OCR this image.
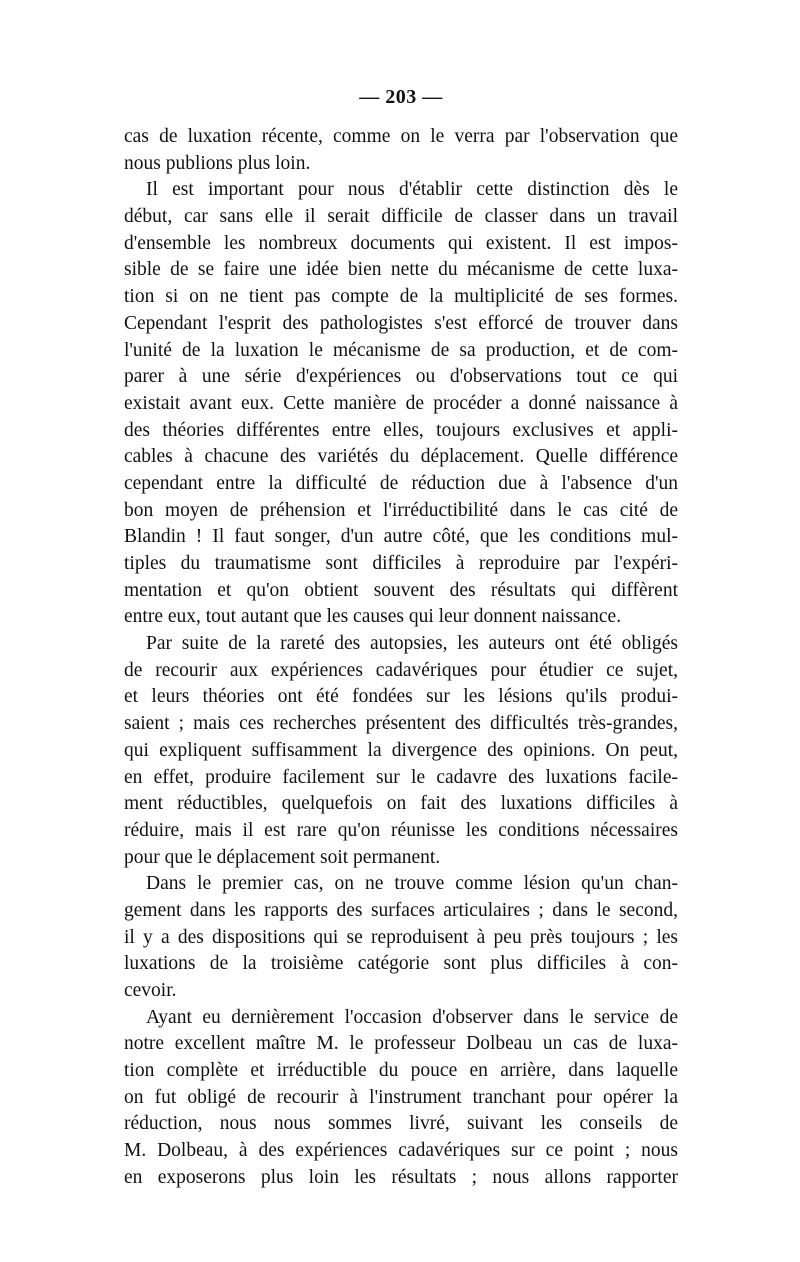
— 203 —
cas de luxation récente, comme on le verra par l'observation que
nous publions plus loin.
Il est important pour nous d'établir cette distinction dès le
début, car sans elle il serait difficile de classer dans un travail
d'ensemble les nombreux documents qui existent. Il est impos-
sible de se faire une idée bien nette du mécanisme de cette luxa-
tion si on ne tient pas compte de la multiplicité de ses formes.
Cependant l'esprit des pathologistes s'est efforcé de trouver dans
l'unité de la luxation le mécanisme de sa production, et de com-
parer à une série d'expériences ou d'observations tout ce qui
existait avant eux. Cette manière de procéder a donné naissance à
des théories différentes entre elles, toujours exclusives et appli-
cables à chacune des variétés du déplacement. Quelle différence
cependant entre la difficulté de réduction due à l'absence d'un
bon moyen de préhension et l'irréductibilité dans le cas cité de
Blandin ! Il faut songer, d'un autre côté, que les conditions mul-
tiples du traumatisme sont difficiles à reproduire par l'expéri-
mentation et qu'on obtient souvent des résultats qui diffèrent
entre eux, tout autant que les causes qui leur donnent naissance.
Par suite de la rareté des autopsies, les auteurs ont été obligés
de recourir aux expériences cadavériques pour étudier ce sujet,
et leurs théories ont été fondées sur les lésions qu'ils produi-
saient ; mais ces recherches présentent des difficultés très-grandes,
qui expliquent suffisamment la divergence des opinions. On peut,
en effet, produire facilement sur le cadavre des luxations facile-
ment réductibles, quelquefois on fait des luxations difficiles à
réduire, mais il est rare qu'on réunisse les conditions nécessaires
pour que le déplacement soit permanent.
Dans le premier cas, on ne trouve comme lésion qu'un chan-
gement dans les rapports des surfaces articulaires ; dans le second,
il y a des dispositions qui se reproduisent à peu près toujours ; les
luxations de la troisième catégorie sont plus difficiles à con-
cevoir.
Ayant eu dernièrement l'occasion d'observer dans le service de
notre excellent maître M. le professeur Dolbeau un cas de luxa-
tion complète et irréductible du pouce en arrière, dans laquelle
on fut obligé de recourir à l'instrument tranchant pour opérer la
réduction, nous nous sommes livré, suivant les conseils de
M. Dolbeau, à des expériences cadavériques sur ce point ; nous
en exposerons plus loin les résultats ; nous allons rapporter
